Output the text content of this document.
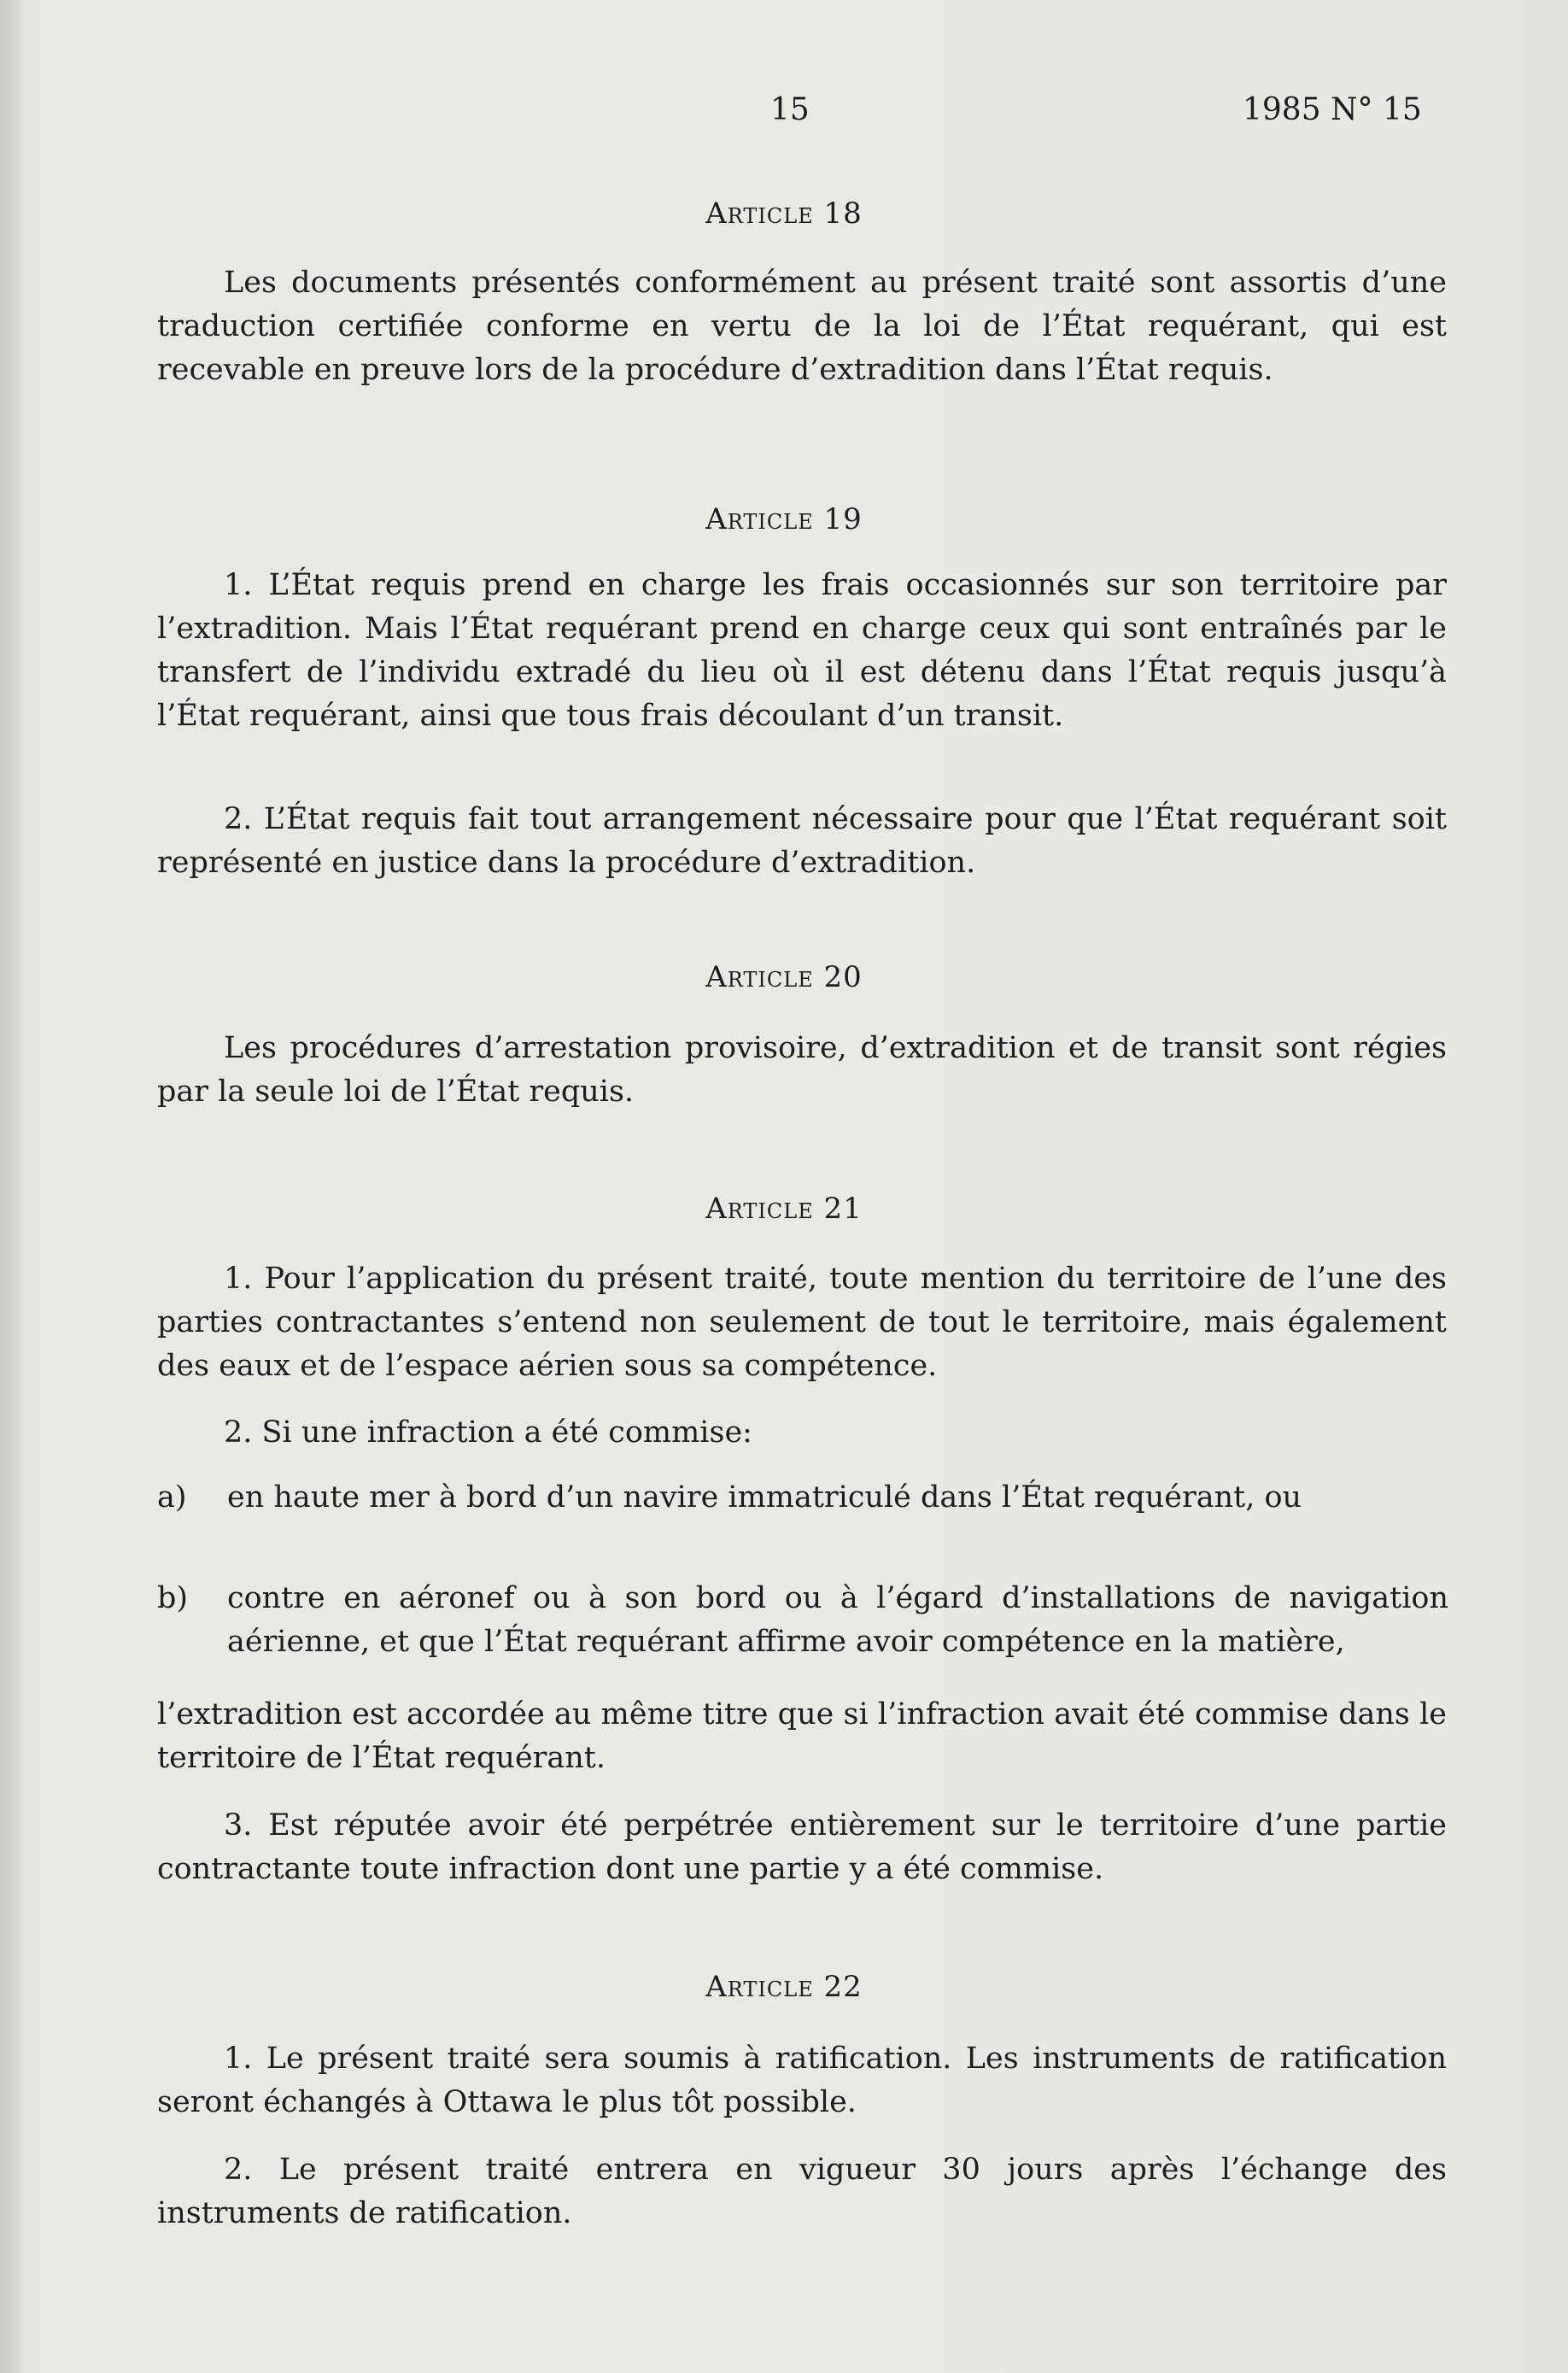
15	1985 N° 15
Article 18
Les documents présentés conformément au présent traité sont assortis d’une traduction certifiée conforme en vertu de la loi de l’État requérant, qui est recevable en preuve lors de la procédure d’extradition dans l’État requis.
Article 19
1. L’État requis prend en charge les frais occasionnés sur son territoire par l’extradition. Mais l’État requérant prend en charge ceux qui sont entraînés par le transfert de l’individu extradé du lieu où il est détenu dans l’État requis jusqu’à l’État requérant, ainsi que tous frais découlant d’un transit.
2. L’État requis fait tout arrangement nécessaire pour que l’État requérant soit représenté en justice dans la procédure d’extradition.
Article 20
Les procédures d’arrestation provisoire, d’extradition et de transit sont régies par la seule loi de l’État requis.
Article 21
1. Pour l’application du présent traité, toute mention du territoire de l’une des parties contractantes s’entend non seulement de tout le territoire, mais également des eaux et de l’espace aérien sous sa compétence.
2. Si une infraction a été commise:
a) en haute mer à bord d’un navire immatriculé dans l’État requérant, ou
b) contre en aéronef ou à son bord ou à l’égard d’installations de navigation aérienne, et que l’État requérant affirme avoir compétence en la matière,
l’extradition est accordée au même titre que si l’infraction avait été commise dans le territoire de l’État requérant.
3. Est réputée avoir été perpétrée entièrement sur le territoire d’une partie contractante toute infraction dont une partie y a été commise.
Article 22
1. Le présent traité sera soumis à ratification. Les instruments de ratification seront échangés à Ottawa le plus tôt possible.
2. Le présent traité entrera en vigueur 30 jours après l’échange des instruments de ratification.
